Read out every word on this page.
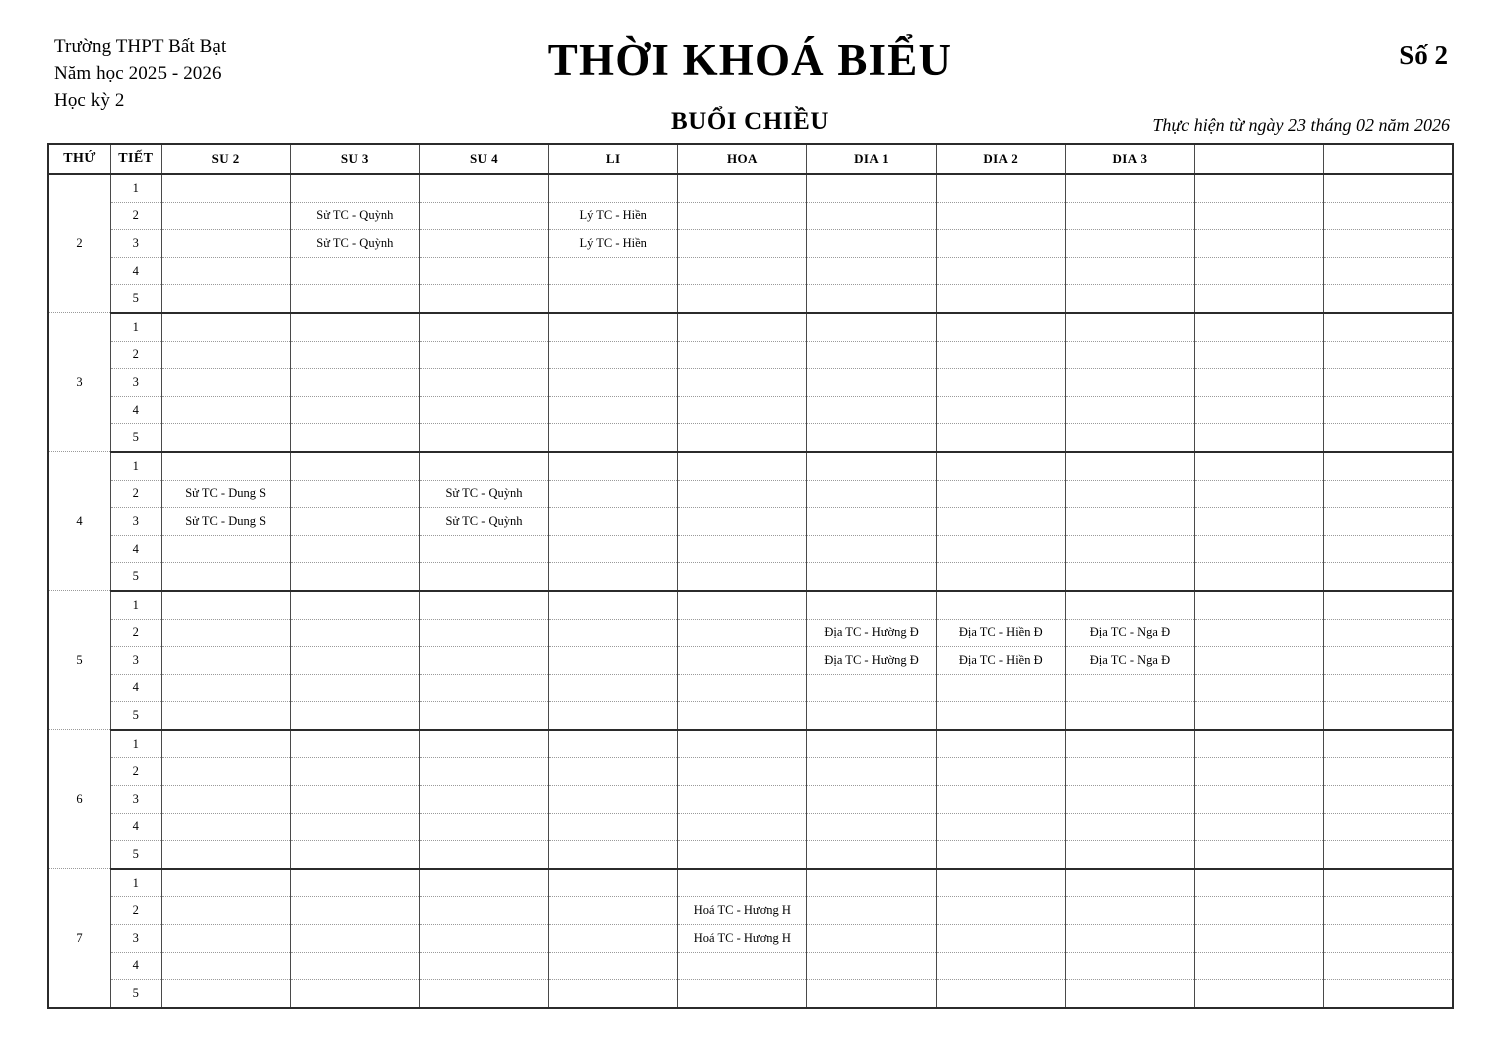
Trường THPT Bất Bạt
Năm học 2025 - 2026
Học kỳ 2
THỜI KHOÁ BIỂU
BUỔI CHIỀU
Số 2
Thực hiện từ ngày 23 tháng 02 năm 2026
THỨ	TIẾT	SU 2	SU 3	SU 4	LI	HOA	DIA 1	DIA 2	DIA 3		
2	1										
	2		Sử TC - Quỳnh		Lý TC - Hiền						
	3		Sử TC - Quỳnh		Lý TC - Hiền						
	4										
	5										
3	1										
	2										
	3										
	4										
	5										
4	1										
	2	Sử TC - Dung S		Sử TC - Quỳnh							
	3	Sử TC - Dung S		Sử TC - Quỳnh							
	4										
	5										
5	1										
	2						Địa TC - Hường Đ	Địa TC - Hiền Đ	Địa TC - Nga Đ		
	3						Địa TC - Hường Đ	Địa TC - Hiền Đ	Địa TC - Nga Đ		
	4										
	5										
6	1										
	2										
	3										
	4										
	5										
7	1										
	2					Hoá TC - Hương H					
	3					Hoá TC - Hương H					
	4										
	5										
